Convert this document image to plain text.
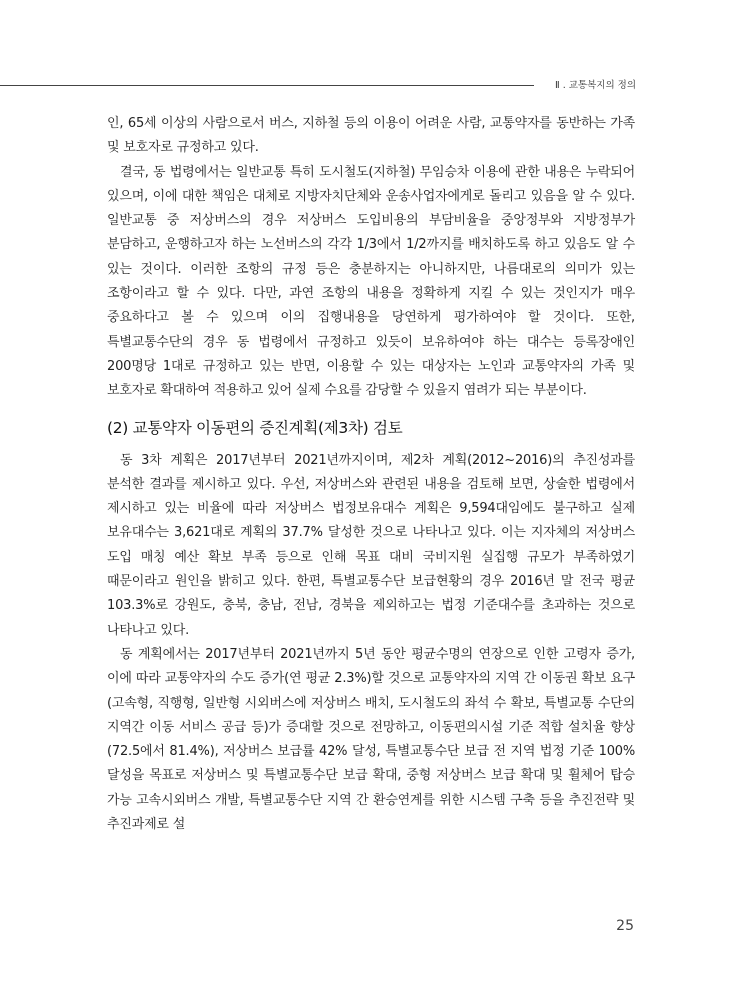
Ⅱ . 교통복지의 정의

인, 65세 이상의 사람으로서 버스, 지하철 등의 이용이 어려운 사람, 교통약자를 동반하는 가족 및 보호자로 규정하고 있다.

결국, 동 법령에서는 일반교통 특히 도시철도(지하철) 무임승차 이용에 관한 내용은 누락되어 있으며, 이에 대한 책임은 대체로 지방자치단체와 운송사업자에게로 돌리고 있음을 알 수 있다. 일반교통 중 저상버스의 경우 저상버스 도입비용의 부담비율을 중앙정부와 지방정부가 분담하고, 운행하고자 하는 노선버스의 각각 1/3에서 1/2까지를 배치하도록 하고 있음도 알 수 있는 것이다. 이러한 조항의 규정 등은 충분하지는 아니하지만, 나름대로의 의미가 있는 조항이라고 할 수 있다. 다만, 과연 조항의 내용을 정확하게 지킬 수 있는 것인지가 매우 중요하다고 볼 수 있으며 이의 집행내용을 당연하게 평가하여야 할 것이다. 또한, 특별교통수단의 경우 동 법령에서 규정하고 있듯이 보유하여야 하는 대수는 등록장애인 200명당 1대로 규정하고 있는 반면, 이용할 수 있는 대상자는 노인과 교통약자의 가족 및 보호자로 확대하여 적용하고 있어 실제 수요를 감당할 수 있을지 염려가 되는 부분이다.

(2) 교통약자 이동편의 증진계획(제3차) 검토

동 3차 계획은 2017년부터 2021년까지이며, 제2차 계획(2012~2016)의 추진성과를 분석한 결과를 제시하고 있다. 우선, 저상버스와 관련된 내용을 검토해 보면, 상술한 법령에서 제시하고 있는 비율에 따라 저상버스 법정보유대수 계획은 9,594대임에도 불구하고 실제 보유대수는 3,621대로 계획의 37.7% 달성한 것으로 나타나고 있다. 이는 지자체의 저상버스 도입 매칭 예산 확보 부족 등으로 인해 목표 대비 국비지원 실집행 규모가 부족하였기 때문이라고 원인을 밝히고 있다. 한편, 특별교통수단 보급현황의 경우 2016년 말 전국 평균 103.3%로 강원도, 충북, 충남, 전남, 경북을 제외하고는 법정 기준대수를 초과하는 것으로 나타나고 있다.

동 계획에서는 2017년부터 2021년까지 5년 동안 평균수명의 연장으로 인한 고령자 증가, 이에 따라 교통약자의 수도 증가(연 평균 2.3%)할 것으로 교통약자의 지역 간 이동권 확보 요구(고속형, 직행형, 일반형 시외버스에 저상버스 배치, 도시철도의 좌석 수 확보, 특별교통 수단의 지역간 이동 서비스 공급 등)가 증대할 것으로 전망하고, 이동편의시설 기준 적합 설치율 향상(72.5에서 81.4%), 저상버스 보급률 42% 달성, 특별교통수단 보급 전 지역 법정 기준 100% 달성을 목표로 저상버스 및 특별교통수단 보급 확대, 중형 저상버스 보급 확대 및 휠체어 탑승 가능 고속시외버스 개발, 특별교통수단 지역 간 환승연계를 위한 시스템 구축 등을 추진전략 및 추진과제로 설

25
